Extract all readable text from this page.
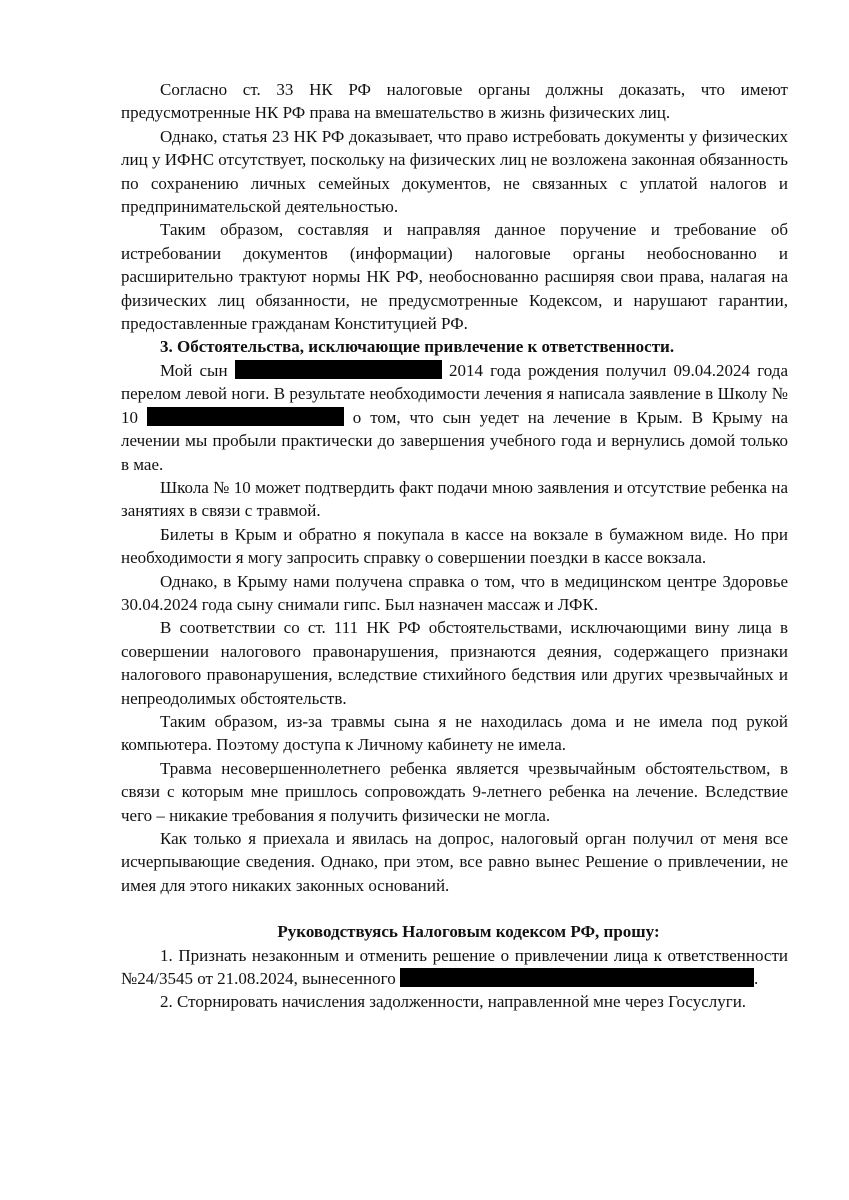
Согласно ст. 33 НК РФ налоговые органы должны доказать, что имеют предусмотренные НК РФ права на вмешательство в жизнь физических лиц.

Однако, статья 23 НК РФ доказывает, что право истребовать документы у физических лиц у ИФНС отсутствует, поскольку на физических лиц не возложена законная обязанность по сохранению личных семейных документов, не связанных с уплатой налогов и предпринимательской деятельностью.

Таким образом, составляя и направляя данное поручение и требование об истребовании документов (информации) налоговые органы необоснованно и расширительно трактуют нормы НК РФ, необоснованно расширяя свои права, налагая на физических лиц обязанности, не предусмотренные Кодексом, и нарушают гарантии, предоставленные гражданам Конституцией РФ.

3. Обстоятельства, исключающие привлечение к ответственности.

Мой сын	2014 года рождения получил 09.04.2024 года перелом левой ноги. В результате необходимости лечения я написала заявление в Школу № 10	о том, что сын уедет на лечение в Крым. В Крыму на лечении мы пробыли практически до завершения учебного года и вернулись домой только в мае.

Школа № 10 может подтвердить факт подачи мною заявления и отсутствие ребенка на занятиях в связи с травмой.

Билеты в Крым и обратно я покупала в кассе на вокзале в бумажном виде. Но при необходимости я могу запросить справку о совершении поездки в кассе вокзала.

Однако, в Крыму нами получена справка о том, что в медицинском центре Здоровье 30.04.2024 года сыну снимали гипс. Был назначен массаж и ЛФК.

В соответствии со ст. 111 НК РФ обстоятельствами, исключающими вину лица в совершении налогового правонарушения, признаются деяния, содержащего признаки налогового правонарушения, вследствие стихийного бедствия или других чрезвычайных и непреодолимых обстоятельств.

Таким образом, из-за травмы сына я не находилась дома и не имела под рукой компьютера. Поэтому доступа к Личному кабинету не имела.

Травма несовершеннолетнего ребенка является чрезвычайным обстоятельством, в связи с которым мне пришлось сопровождать 9-летнего ребенка на лечение. Вследствие чего – никакие требования я получить физически не могла.

Как только я приехала и явилась на допрос, налоговый орган получил от меня все исчерпывающие сведения. Однако, при этом, все равно вынес Решение о привлечении, не имея для этого никаких законных оснований.

Руководствуясь Налоговым кодексом РФ, прошу:

1. Признать незаконным и отменить решение о привлечении лица к ответственности №24/3545 от 21.08.2024, вынесенного	.

2. Сторнировать начисления задолженности, направленной мне через Госуслуги.
